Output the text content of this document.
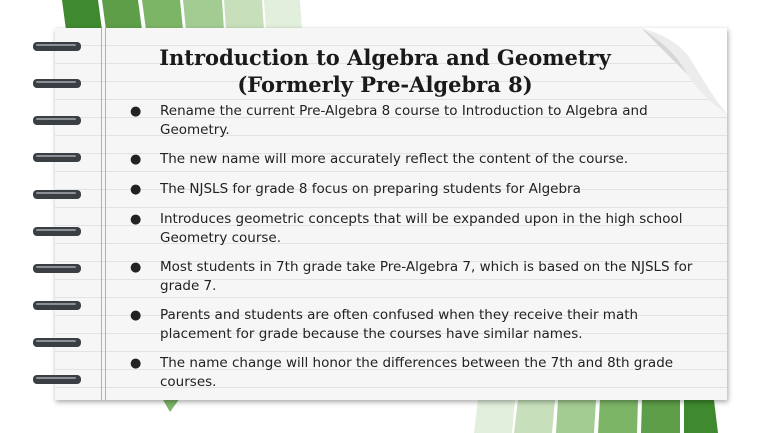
Introduction to Algebra and Geometry
(Formerly Pre-Algebra 8)
● Rename the current Pre-Algebra 8 course to Introduction to Algebra and Geometry.
● The new name will more accurately reflect the content of the course.
● The NJSLS for grade 8 focus on preparing students for Algebra
● Introduces geometric concepts that will be expanded upon in the high school Geometry course.
● Most students in 7th grade take Pre-Algebra 7, which is based on the NJSLS for grade 7.
● Parents and students are often confused when they receive their math placement for grade because the courses have similar names.
● The name change will honor the differences between the 7th and 8th grade courses.
